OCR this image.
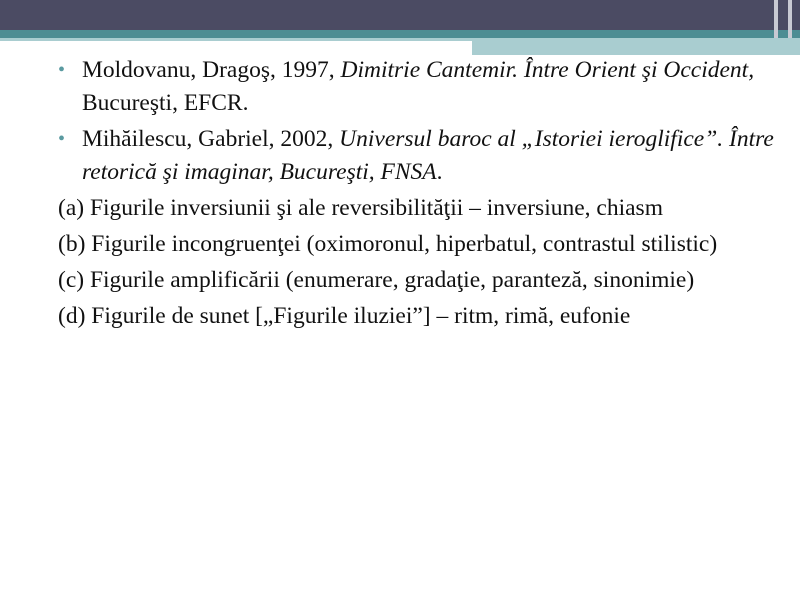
• Moldovanu, Dragoş, 1997, Dimitrie Cantemir. Între Orient şi Occident, Bucureşti, EFCR.

• Mihăilescu, Gabriel, 2002, Universul baroc al „Istoriei ieroglifice”. Între retorică şi imaginar, Bucureşti, FNSA.

(a) Figurile inversiunii şi ale reversibilităţii – inversiune, chiasm

(b) Figurile incongruenţei (oximoronul, hiperbatul, contrastul stilistic)

(c) Figurile amplificării (enumerare, gradaţie, paranteză, sinonimie)

(d) Figurile de sunet [„Figurile iluziei”] – ritm, rimă, eufonie
